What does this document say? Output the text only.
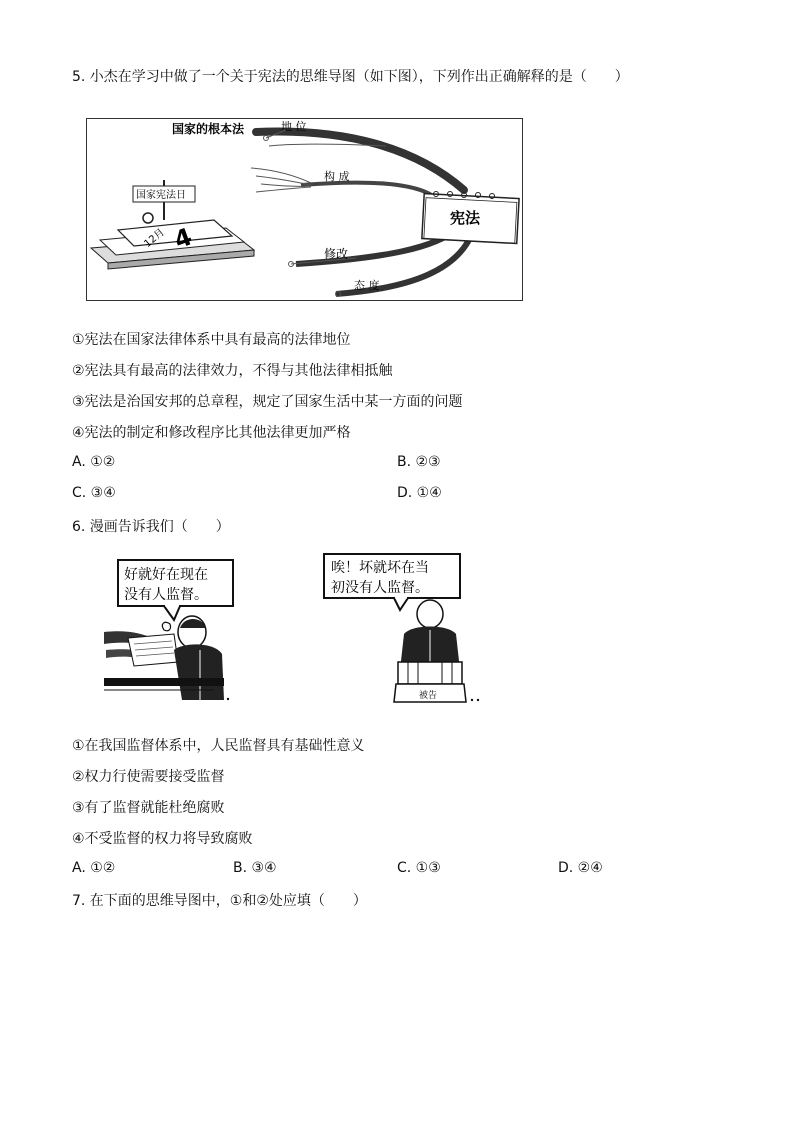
5. 小杰在学习中做了一个关于宪法的思维导图（如下图），下列作出正确解释的是（　　）
国家的根本法	地 位
构 成
修改
态 度
宪法
国家宪法日
12月 4
①宪法在国家法律体系中具有最高的法律地位
②宪法具有最高的法律效力，不得与其他法律相抵触
③宪法是治国安邦的总章程，规定了国家生活中某一方面的问题
④宪法的制定和修改程序比其他法律更加严格
A. ①②	B. ②③
C. ③④	D. ①④
6. 漫画告诉我们（　　）
好就好在现在
没有人监督。
唉！坏就坏在当
初没有人监督。
被告
①在我国监督体系中，人民监督具有基础性意义
②权力行使需要接受监督
③有了监督就能杜绝腐败
④不受监督的权力将导致腐败
A. ①②	B. ③④	C. ①③	D. ②④
7. 在下面的思维导图中，①和②处应填（　　）
